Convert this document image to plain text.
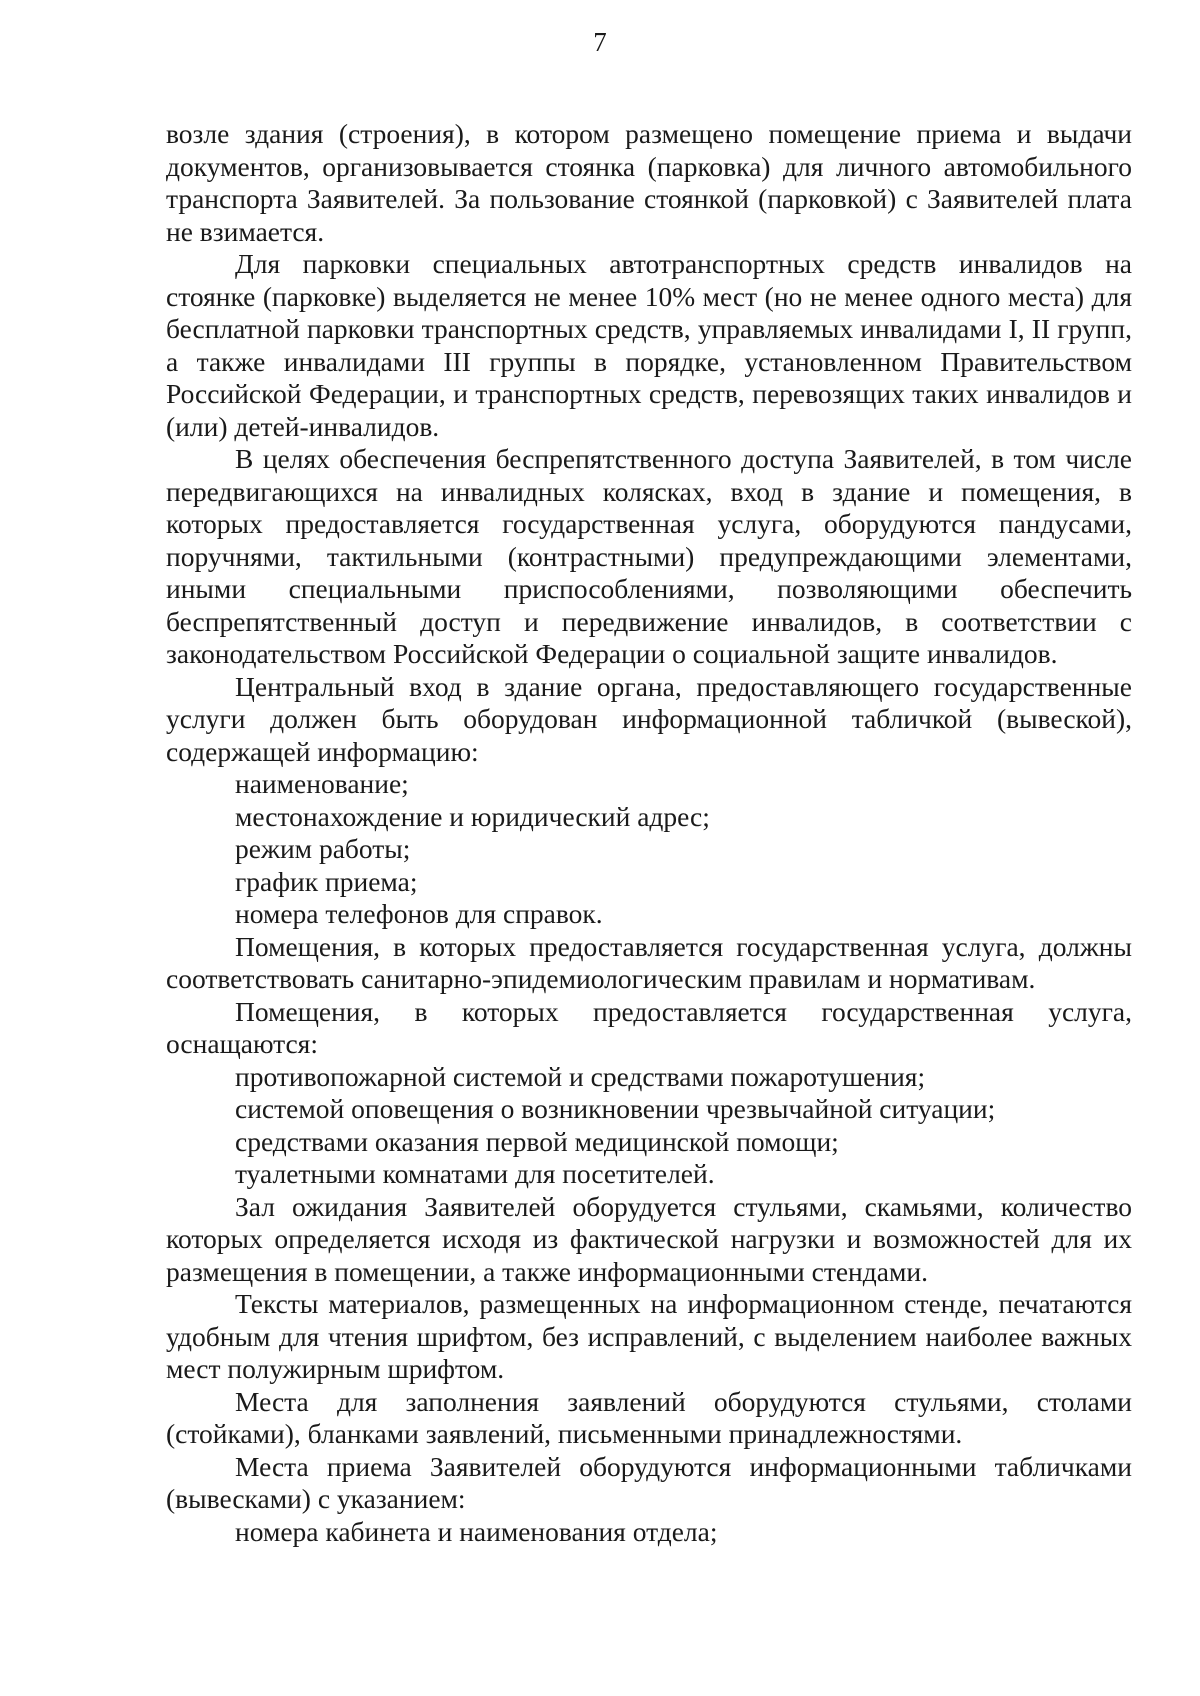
7

возле здания (строения), в котором размещено помещение приема и выдачи документов, организовывается стоянка (парковка) для личного автомобильного транспорта Заявителей. За пользование стоянкой (парковкой) с Заявителей плата не взимается.

Для парковки специальных автотранспортных средств инвалидов на стоянке (парковке) выделяется не менее 10% мест (но не менее одного места) для бесплатной парковки транспортных средств, управляемых инвалидами I, II групп, а также инвалидами III группы в порядке, установленном Правительством Российской Федерации, и транспортных средств, перевозящих таких инвалидов и (или) детей-инвалидов.

В целях обеспечения беспрепятственного доступа Заявителей, в том числе передвигающихся на инвалидных колясках, вход в здание и помещения, в которых предоставляется государственная услуга, оборудуются пандусами, поручнями, тактильными (контрастными) предупреждающими элементами, иными специальными приспособлениями, позволяющими обеспечить беспрепятственный доступ и передвижение инвалидов, в соответствии с законодательством Российской Федерации о социальной защите инвалидов.

Центральный вход в здание органа, предоставляющего государственные услуги должен быть оборудован информационной табличкой (вывеской), содержащей информацию:

наименование;
местонахождение и юридический адрес;
режим работы;
график приема;
номера телефонов для справок.

Помещения, в которых предоставляется государственная услуга, должны соответствовать санитарно-эпидемиологическим правилам и нормативам.

Помещения, в которых предоставляется государственная услуга, оснащаются:

противопожарной системой и средствами пожаротушения;
системой оповещения о возникновении чрезвычайной ситуации;
средствами оказания первой медицинской помощи;
туалетными комнатами для посетителей.

Зал ожидания Заявителей оборудуется стульями, скамьями, количество которых определяется исходя из фактической нагрузки и возможностей для их размещения в помещении, а также информационными стендами.

Тексты материалов, размещенных на информационном стенде, печатаются удобным для чтения шрифтом, без исправлений, с выделением наиболее важных мест полужирным шрифтом.

Места для заполнения заявлений оборудуются стульями, столами (стойками), бланками заявлений, письменными принадлежностями.

Места приема Заявителей оборудуются информационными табличками (вывесками) с указанием:

номера кабинета и наименования отдела;
